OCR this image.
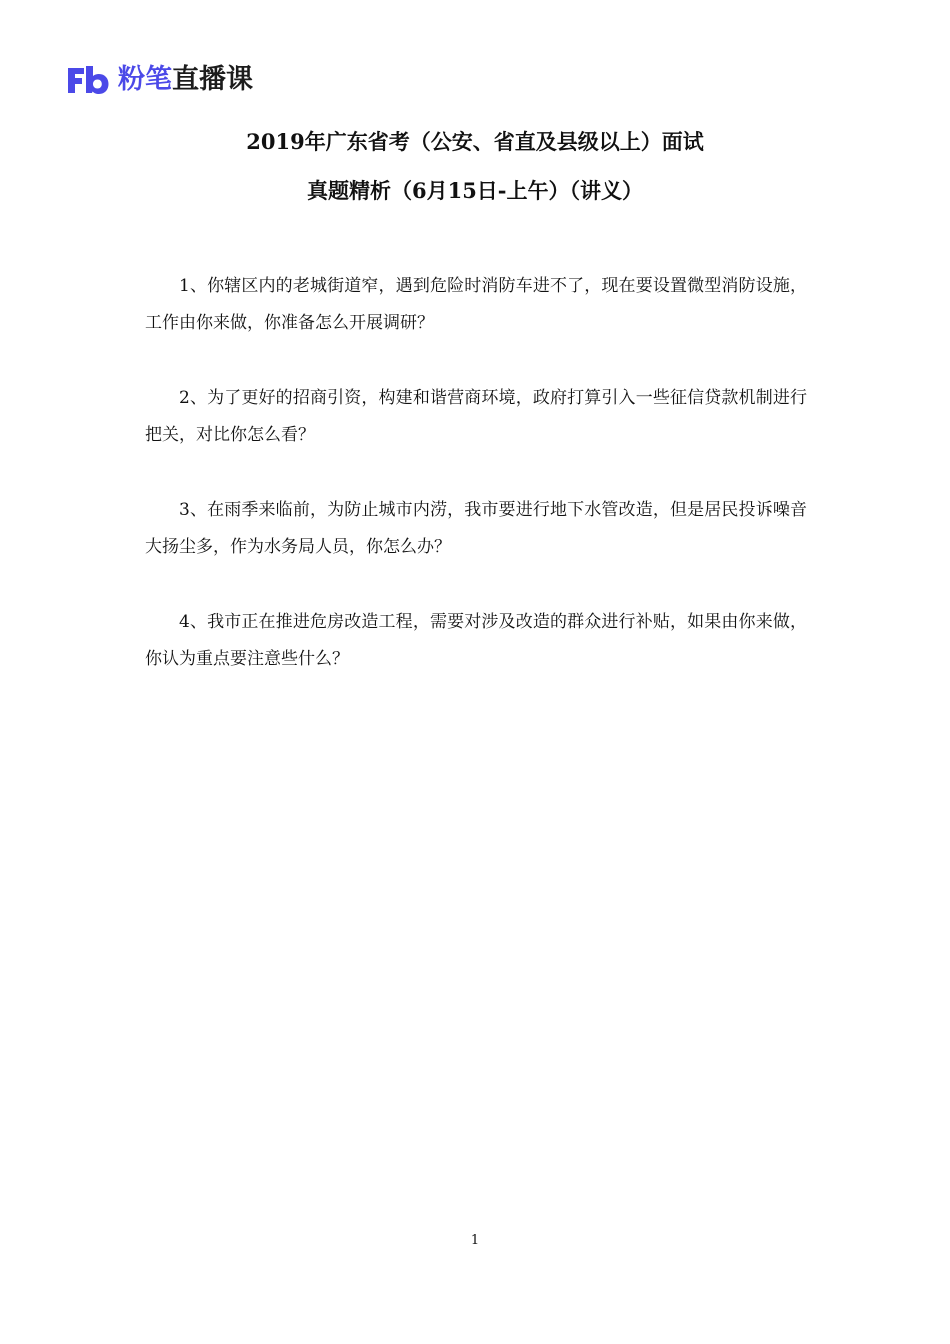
粉笔直播课
2019年广东省考（公安、省直及县级以上）面试
真题精析（6月15日-上午）（讲义）

1、你辖区内的老城街道窄，遇到危险时消防车进不了，现在要设置微型消防设施，工作由你来做，你准备怎么开展调研？

2、为了更好的招商引资，构建和谐营商环境，政府打算引入一些征信贷款机制进行把关，对比你怎么看？

3、在雨季来临前，为防止城市内涝，我市要进行地下水管改造，但是居民投诉噪音大扬尘多，作为水务局人员，你怎么办？

4、我市正在推进危房改造工程，需要对涉及改造的群众进行补贴，如果由你来做，你认为重点要注意些什么？

1
